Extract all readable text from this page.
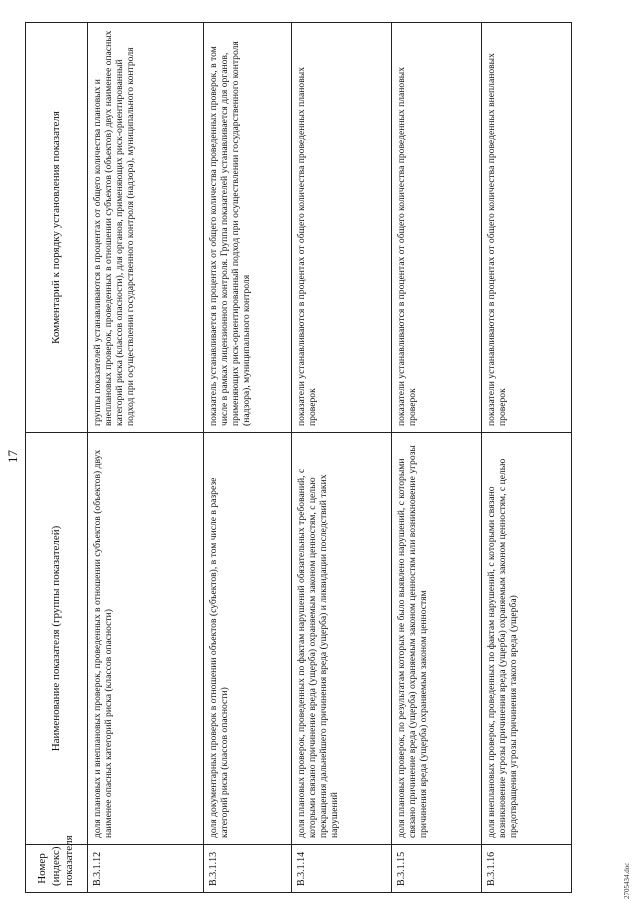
17
Номер (индекс) показателя	Наименование показателя (группы показателей)	Комментарий к порядку установления показателя
В.3.1.12	доля плановых и внеплановых проверок, проведенных в отношении субъектов (объектов) двух наименее опасных категорий риска (классов опасности)	группы показателей устанавливаются в процентах от общего количества плановых и внеплановых проверок, проведенных в отношении субъектов (объектов) двух наименее опасных категорий риска (классов опасности), для органов, применяющих риск-ориентированный подход при осуществлении государственного контроля (надзора), муниципального контроля
В.3.1.13	доля документарных проверок в отношении объектов (субъектов), в том числе в разрезе категорий риска (классов опасности)	показатель устанавливается в процентах от общего количества проведенных проверок, в том числе в рамках лицензионного контроля. Группа показателей устанавливается для органов, применяющих риск-ориентированный подход при осуществлении государственного контроля (надзора), муниципального контроля
В.3.1.14	доля плановых проверок, проведенных по фактам нарушений обязательных требований, с которыми связано причинение вреда (ущерба) охраняемым законом ценностям, с целью прекращения дальнейшего причинения вреда (ущерба) и ликвидации последствий таких нарушений	показатели устанавливаются в процентах от общего количества проведенных плановых проверок
В.3.1.15	доля плановых проверок, по результатам которых не было выявлено нарушений, с которыми связано причинение вреда (ущерба) охраняемым законом ценностям или возникновение угрозы причинения вреда (ущерба) охраняемым законом ценностям	показатели устанавливаются в процентах от общего количества проведенных плановых проверок
В.3.1.16	доля внеплановых проверок, проведенных по фактам нарушений, с которыми связано возникновение угрозы причинения вреда (ущерба) охраняемым законом ценностям, с целью предотвращения угрозы причинения такого вреда (ущерба)	показатели устанавливаются в процентах от общего количества проведенных внеплановых проверок
2705434.doc
